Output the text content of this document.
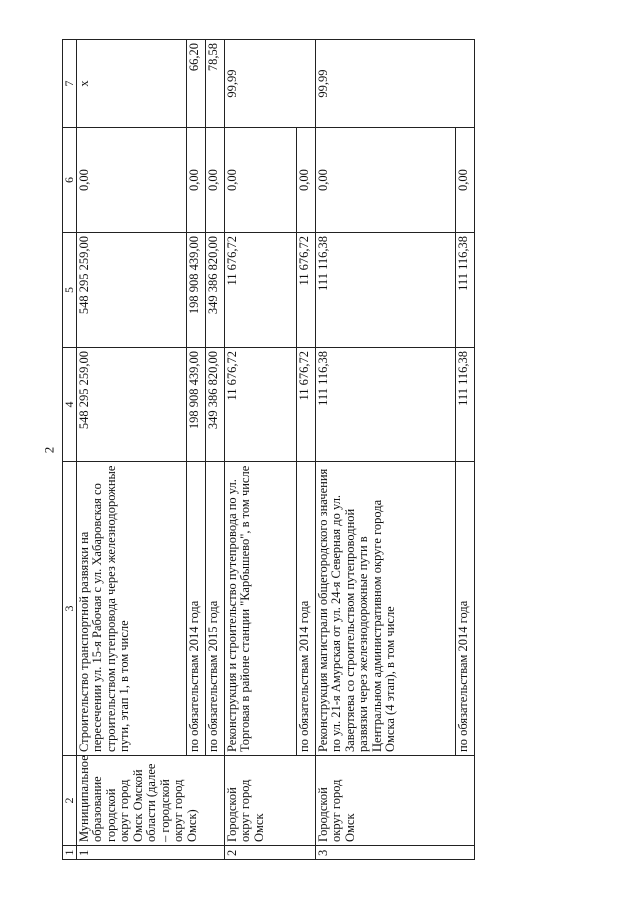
2
1	2	3	4	5	6	7
1	Муниципальное образование городской округ город Омск Омской области (далее – городской округ город Омск)	Строительство транспортной развязки на пересечении ул. 15-я Рабочая с ул. Хабаровская со строительством путепровода через железнодорожные пути, этап 1, в том числе	548 295 259,00	548 295 259,00	0,00	х
		по обязательствам 2014 года	198 908 439,00	198 908 439,00	0,00	66,20
		по обязательствам 2015 года	349 386 820,00	349 386 820,00	0,00	78,58
2	Городской округ город Омск	Реконструкция и строительство путепровода по ул. Торговая в районе станции "Карбышево", в том числе	11 676,72	11 676,72	0,00	99,99
		по обязательствам 2014 года	11 676,72	11 676,72	0,00	
3	Городской округ город Омск	Реконструкция магистрали общегородского значения по ул. 21-я Амурская от ул. 24-я Северная до ул. Завертяева со строительством путепроводной развязки через железнодорожные пути в Центральном административном округе города Омска (4 этап), в том числе	111 116,38	111 116,38	0,00	99,99
		по обязательствам 2014 года	111 116,38	111 116,38	0,00	
